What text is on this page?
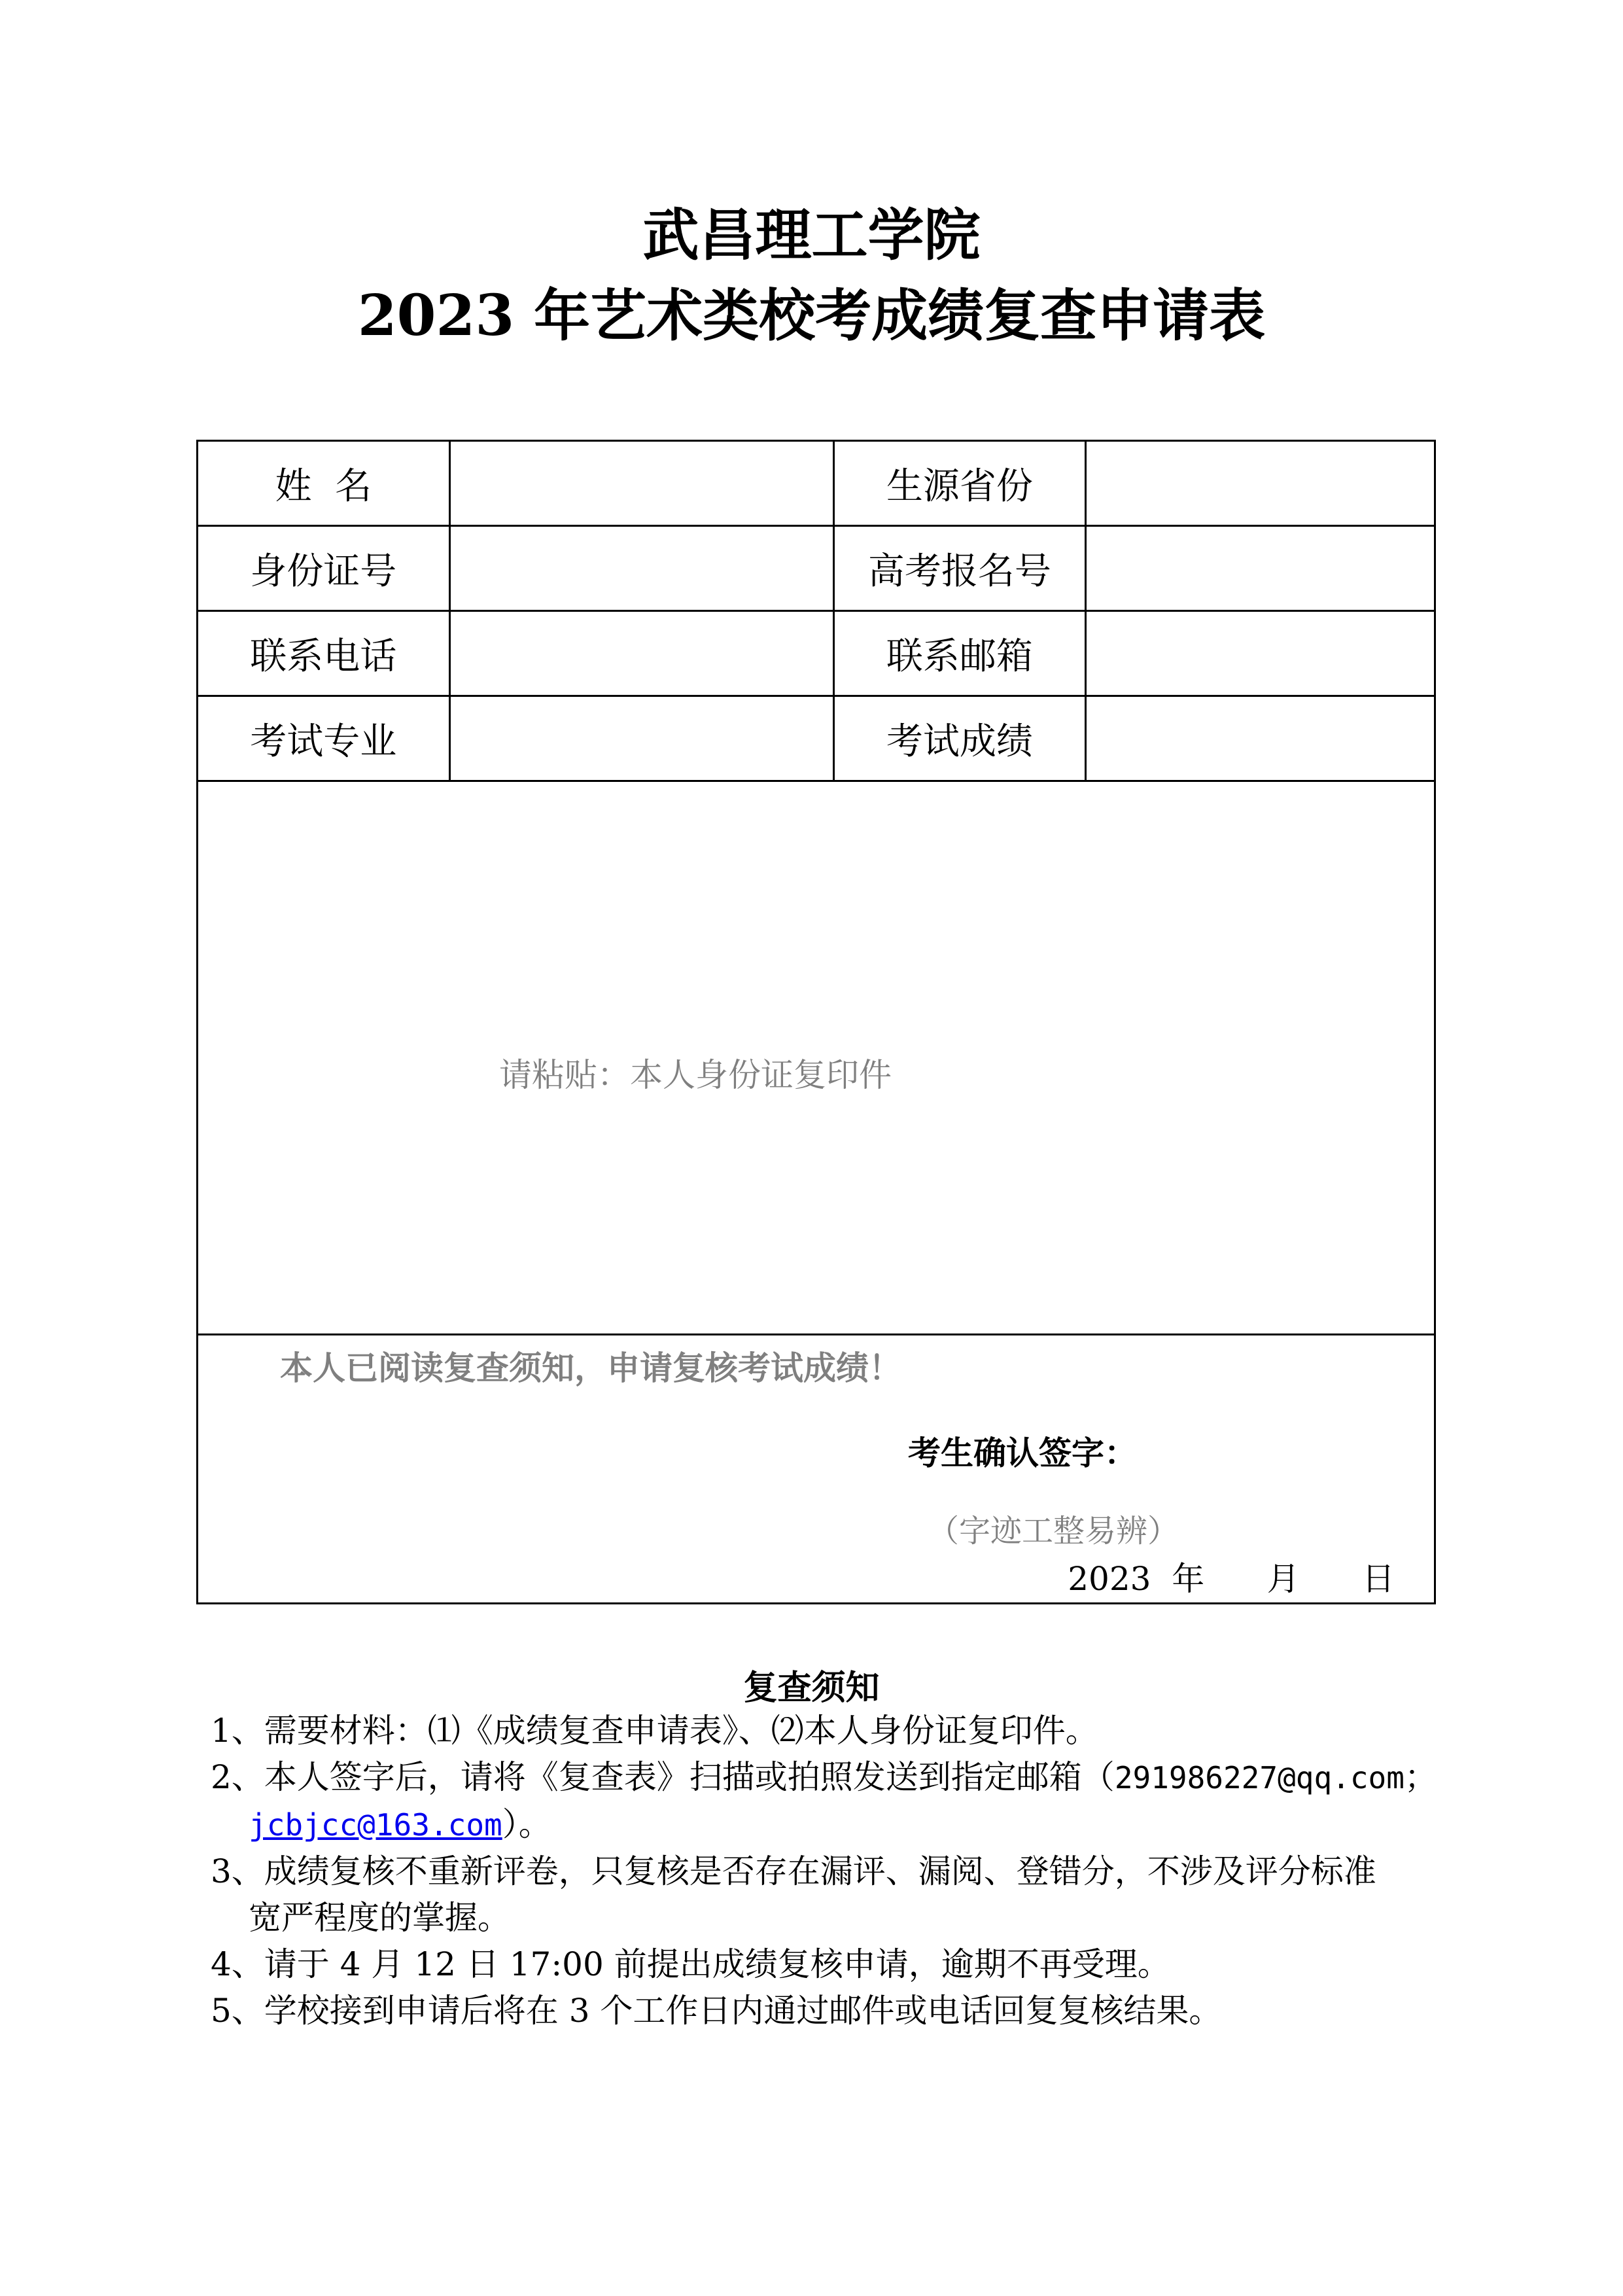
武昌理工学院
2023 年艺术类校考成绩复查申请表
姓  名		生源省份	
身份证号		高考报名号	
联系电话		联系邮箱	
考试专业		考试成绩	

请粘贴：本人身份证复印件			

本人已阅读复查须知，申请复核考试成绩！
考生确认签字：
（字迹工整易辨）
2023  年      月      日			
复查须知
1、需要材料：⑴《成绩复查申请表》、⑵本人身份证复印件。
2、本人签字后，请将《复查表》扫描或拍照发送到指定邮箱（291986227@qq.com；
jcbjcc@163.com）。
3、成绩复核不重新评卷，只复核是否存在漏评、漏阅、登错分，不涉及评分标准
宽严程度的掌握。
4、请于 4 月 12 日 17:00 前提出成绩复核申请，逾期不再受理。
5、学校接到申请后将在 3 个工作日内通过邮件或电话回复复核结果。
